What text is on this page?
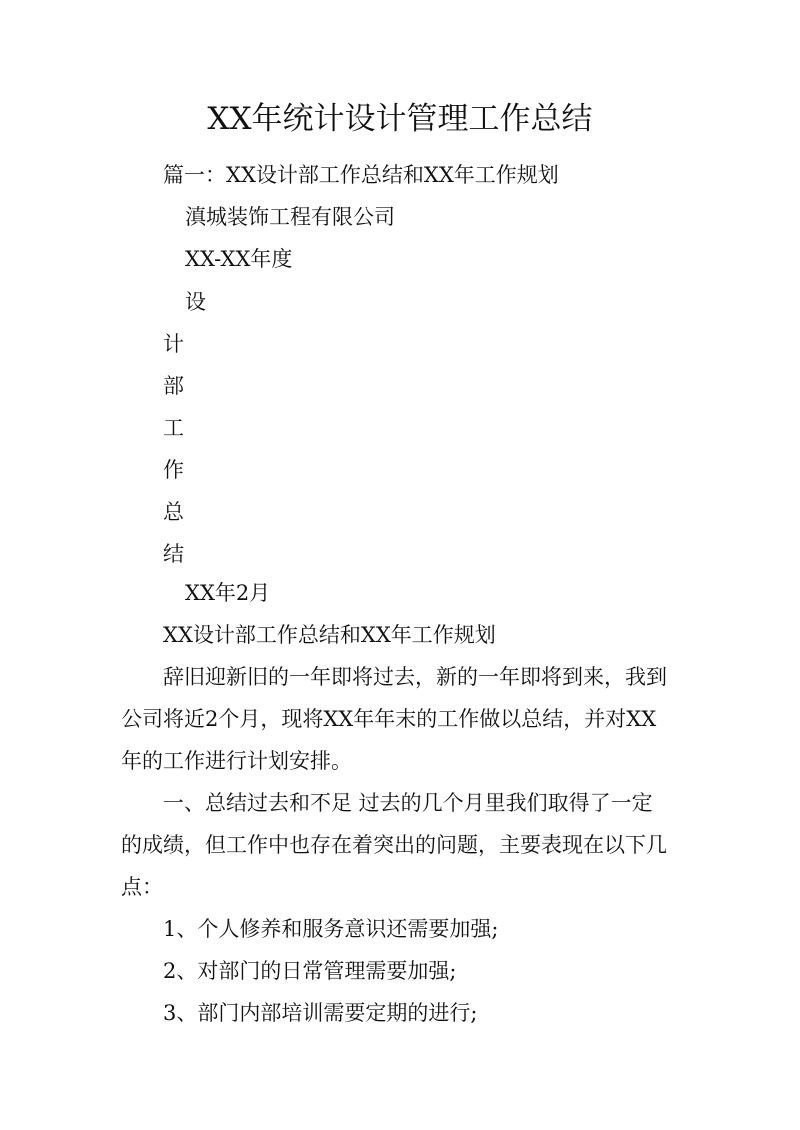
XX年统计设计管理工作总结
篇一：XX设计部工作总结和XX年工作规划
滇城装饰工程有限公司
XX-XX年度
设
计
部
工
作
总
结
XX年2月
XX设计部工作总结和XX年工作规划
辞旧迎新旧的一年即将过去，新的一年即将到来，我到
公司将近2个月，现将XX年年末的工作做以总结，并对XX
年的工作进行计划安排。
一、总结过去和不足 过去的几个月里我们取得了一定
的成绩，但工作中也存在着突出的问题，主要表现在以下几
点：
1、个人修养和服务意识还需要加强;
2、对部门的日常管理需要加强;
3、部门内部培训需要定期的进行;
